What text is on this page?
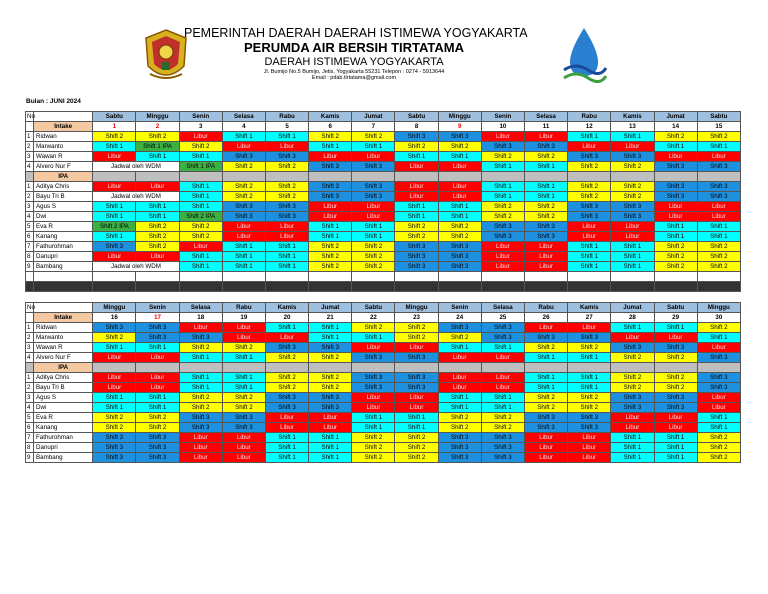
PEMERINTAH DAERAH DAERAH ISTIMEWA YOGYAKARTA
PERUMDA AIR BERSIH TIRTATAMA
DAERAH ISTIMEWA YOGYAKARTA
Jl. Bumijo No.5 Bumijo, Jetis, Yogyakarta 55231 Telepon : 0274 - 5913644
Email : pdab.tirtatama@gmail.com
Bulan : JUNI 2024
No		Sabtu	Minggu	Senin	Selasa	Rabu	Kamis	Jumat	Sabtu	Minggu	Senin	Selasa	Rabu	Kamis	Jumat	Sabtu
	Intake	1	2	3	4	5	6	7	8	9	10	11	12	13	14	15
1	Ridwan	Shift 2	Shift 2	Libur	Shift 1	Shift 1	Shift 2	Shift 2	Shift 3	Shift 3	Libur	Libur	Shift 1	Shift 1	Shift 2	Shift 2
2	Marwanto	Shift 1	Shift 1 IPA	Shift 2	Libur	Libur	Shift 1	Shift 1	Shift 2	Shift 2	Shift 3	Shift 3	Libur	Libur	Shift 1	Shift 1
3	Wawan R	Libur	Shift 1	Shift 1	Shift 3	Shift 3	Libur	Libur	Shift 1	Shift 1	Shift 2	Shift 2	Shift 3	Shift 3	Libur	Libur
4	Alvero Nur F	Jadwal oleh WDM		Shift 1 IPA	Shift 2	Shift 2	Shift 3	Shift 3	Libur	Libur	Shift 1	Shift 1	Shift 2	Shift 2	Shift 3	Shift 3
	IPA															
1	Aditya Chris	Libur	Libur	Shift 1	Shift 2	Shift 2	Shift 3	Shift 3	Libur	Libur	Shift 1	Shift 1	Shift 2	Shift 2	Shift 3	Shift 3
2	Bayu Tri B	Jadwal oleh WDM		Shift 1	Shift 2	Shift 2	Shift 3	Shift 3	Libur	Libur	Shift 1	Shift 1	Shift 2	Shift 2	Shift 3	Shift 3
3	Agus S	Shift 1	Shift 1	Shift 1	Shift 3	Shift 3	Libur	Libur	Shift 1	Shift 1	Shift 2	Shift 2	Shift 3	Shift 3	Libur	Libur
4	Dwi	Shift 1	Shift 1	Shift 2 IPA	Shift 3	Shift 3	Libur	Libur	Shift 1	Shift 1	Shift 2	Shift 2	Shift 3	Shift 3	Libur	Libur
5	Eva R	Shift 2 IPA	Shift 2	Shift 2	Libur	Libur	Shift 1	Shift 1	Shift 2	Shift 2	Shift 3	Shift 3	Libur	Libur	Shift 1	Shift 1
6	Kanang	Shift 1	Shift 2	Shift 2	Libur	Libur	Shift 1	Shift 1	Shift 2	Shift 2	Shift 3	Shift 3	Libur	Libur	Shift 1	Shift 1
7	Fathurohman	Shift 3	Shift 2	Libur	Shift 1	Shift 1	Shift 2	Shift 2	Shift 3	Shift 3	Libur	Libur	Shift 1	Shift 1	Shift 2	Shift 2
8	Danupri	Libur	Libur	Shift 1	Shift 1	Shift 1	Shift 2	Shift 2	Shift 3	Shift 3	Libur	Libur	Shift 1	Shift 1	Shift 2	Shift 2
9	Bambang	Jadwal oleh WDM		Shift 1	Shift 1	Shift 1	Shift 2	Shift 2	Shift 3	Shift 3	Libur	Libur	Shift 1	Shift 1	Shift 2	Shift 2

No		Minggu	Senin	Selasa	Rabu	Kamis	Jumat	Sabtu	Minggu	Senin	Selasa	Rabu	Kamis	Jumat	Sabtu	Minggu
	Intake	16	17	18	19	20	21	22	23	24	25	26	27	28	29	30
1	Ridwan	Shift 3	Shift 3	Libur	Libur	Shift 1	Shift 1	Shift 2	Shift 2	Shift 3	Shift 3	Libur	Libur	Shift 1	Shift 1	Shift 2
2	Marwanto	Shift 2	Shift 3	Shift 3	Libur	Libur	Shift 1	Shift 1	Shift 2	Shift 2	Shift 3	Shift 3	Shift 3	Libur	Libur	Shift 1
3	Wawan R	Shift 1	Shift 1	Shift 2	Shift 2	Shift 3	Shift 3	Libur	Libur	Shift 1	Shift 1	Shift 2	Shift 2	Shift 3	Shift 3	Libur
4	Alvero Nur F	Libur	Libur	Shift 1	Shift 1	Shift 2	Shift 2	Shift 3	Shift 3	Libur	Libur	Shift 1	Shift 1	Shift 2	Shift 2	Shift 3
	IPA															
1	Aditya Chris	Libur	Libur	Shift 1	Shift 1	Shift 2	Shift 2	Shift 3	Shift 3	Libur	Libur	Shift 1	Shift 1	Shift 2	Shift 2	Shift 3
2	Bayu Tri B	Libur	Libur	Shift 1	Shift 1	Shift 2	Shift 2	Shift 3	Shift 3	Libur	Libur	Shift 1	Shift 1	Shift 2	Shift 2	Shift 3
3	Agus S	Shift 1	Shift 1	Shift 2	Shift 2	Shift 3	Shift 3	Libur	Libur	Shift 1	Shift 1	Shift 2	Shift 2	Shift 3	Shift 3	Libur
4	Dwi	Shift 1	Shift 1	Shift 2	Shift 2	Shift 3	Shift 3	Libur	Libur	Shift 1	Shift 1	Shift 2	Shift 2	Shift 3	Shift 3	Libur
5	Eva R	Shift 2	Shift 2	Shift 3	Shift 3	Libur	Libur	Shift 1	Shift 1	Shift 2	Shift 2	Shift 3	Shift 3	Libur	Libur	Shift 1
6	Kanang	Shift 2	Shift 2	Shift 3	Shift 3	Libur	Libur	Shift 1	Shift 1	Shift 2	Shift 2	Shift 3	Shift 3	Libur	Libur	Shift 1
7	Fathurohman	Shift 3	Shift 3	Libur	Libur	Shift 1	Shift 1	Shift 2	Shift 2	Shift 3	Shift 3	Libur	Libur	Shift 1	Shift 1	Shift 2
8	Danupri	Shift 3	Shift 3	Libur	Libur	Shift 1	Shift 1	Shift 2	Shift 2	Shift 3	Shift 3	Libur	Libur	Shift 1	Shift 1	Shift 2
9	Bambang	Shift 3	Shift 3	Libur	Libur	Shift 1	Shift 1	Shift 2	Shift 2	Shift 3	Shift 3	Libur	Libur	Shift 1	Shift 1	Shift 2
